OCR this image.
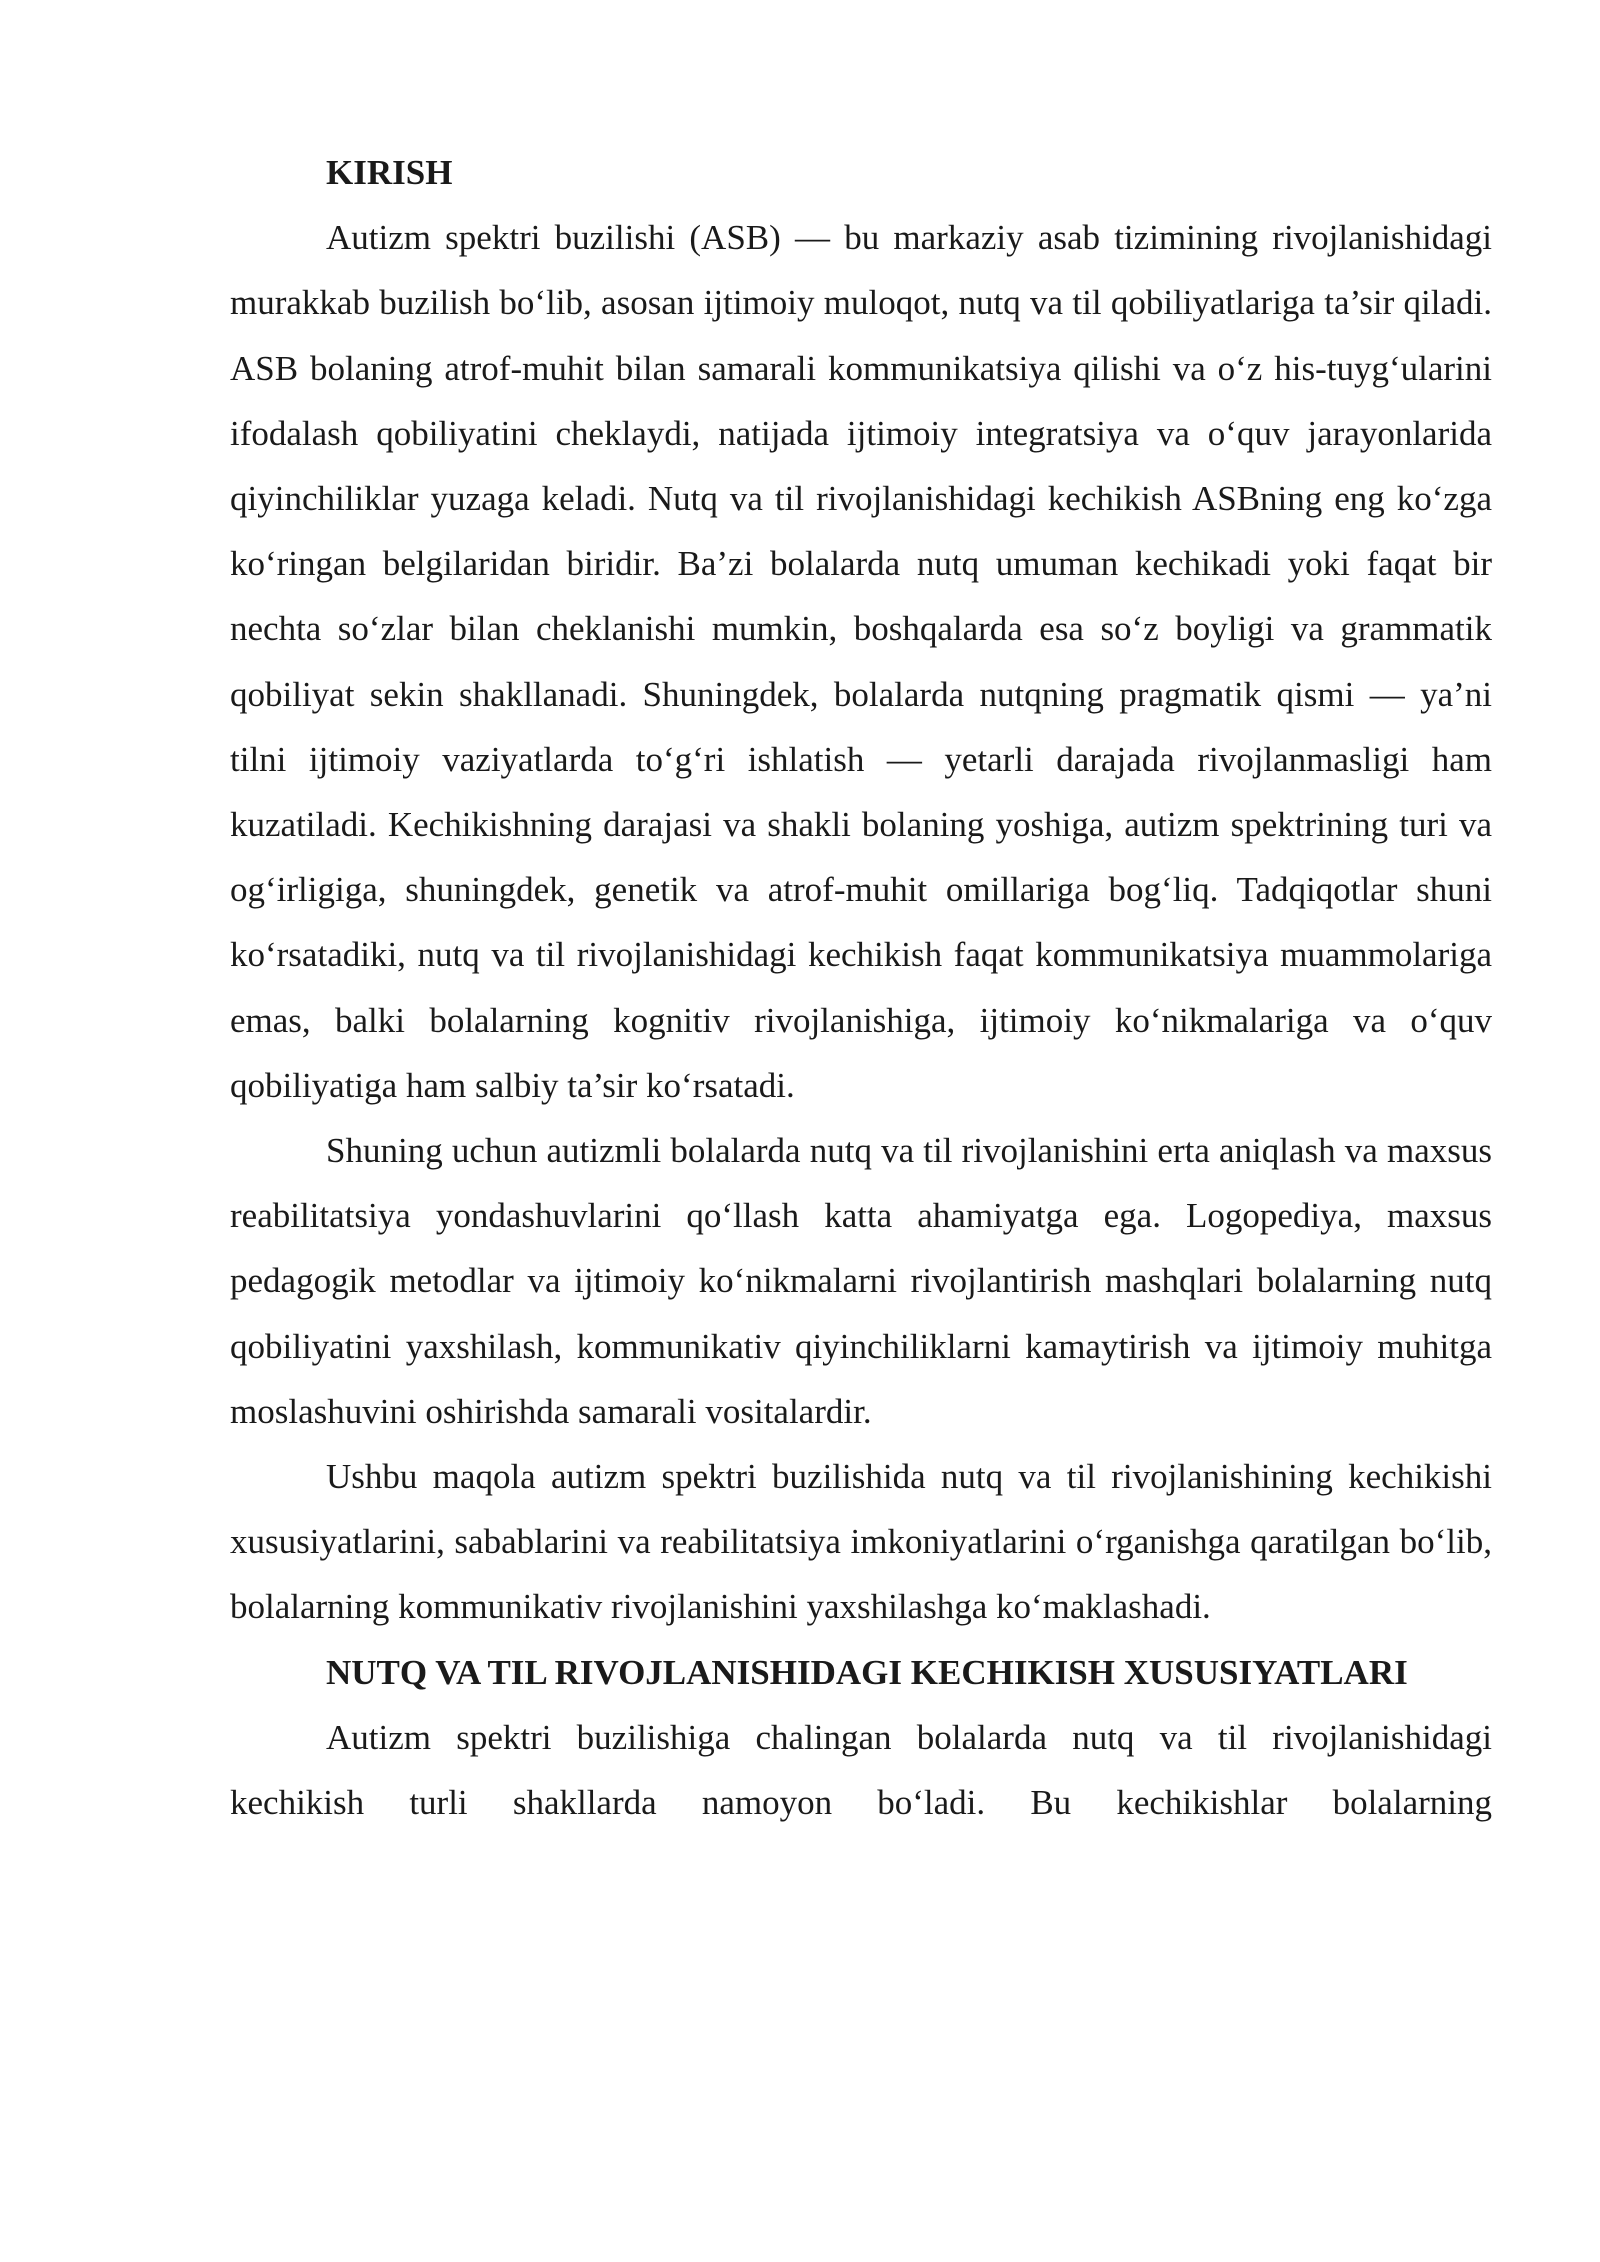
KIRISH

Autizm spektri buzilishi (ASB) — bu markaziy asab tizimining rivojlanishidagi murakkab buzilish bo‘lib, asosan ijtimoiy muloqot, nutq va til qobiliyatlariga ta’sir qiladi. ASB bolaning atrof-muhit bilan samarali kommunikatsiya qilishi va o‘z his-tuyg‘ularini ifodalash qobiliyatini cheklaydi, natijada ijtimoiy integratsiya va o‘quv jarayonlarida qiyinchiliklar yuzaga keladi. Nutq va til rivojlanishidagi kechikish ASBning eng ko‘zga ko‘ringan belgilaridan biridir. Ba’zi bolalarda nutq umuman kechikadi yoki faqat bir nechta so‘zlar bilan cheklanishi mumkin, boshqalarda esa so‘z boyligi va grammatik qobiliyat sekin shakllanadi. Shuningdek, bolalarda nutqning pragmatik qismi — ya’ni tilni ijtimoiy vaziyatlarda to‘g‘ri ishlatish — yetarli darajada rivojlanmasligi ham kuzatiladi. Kechikishning darajasi va shakli bolaning yoshiga, autizm spektrining turi va og‘irligiga, shuningdek, genetik va atrof-muhit omillariga bog‘liq. Tadqiqotlar shuni ko‘rsatadiki, nutq va til rivojlanishidagi kechikish faqat kommunikatsiya muammolariga emas, balki bolalarning kognitiv rivojlanishiga, ijtimoiy ko‘nikmalariga va o‘quv qobiliyatiga ham salbiy ta’sir ko‘rsatadi.

Shuning uchun autizmli bolalarda nutq va til rivojlanishini erta aniqlash va maxsus reabilitatsiya yondashuvlarini qo‘llash katta ahamiyatga ega. Logopediya, maxsus pedagogik metodlar va ijtimoiy ko‘nikmalarni rivojlantirish mashqlari bolalarning nutq qobiliyatini yaxshilash, kommunikativ qiyinchiliklarni kamaytirish va ijtimoiy muhitga moslashuvini oshirishda samarali vositalardir.

Ushbu maqola autizm spektri buzilishida nutq va til rivojlanishining kechikishi xususiyatlarini, sabablarini va reabilitatsiya imkoniyatlarini o‘rganishga qaratilgan bo‘lib, bolalarning kommunikativ rivojlanishini yaxshilashga ko‘maklashadi.

NUTQ VA TIL RIVOJLANISHIDAGI KECHIKISH XUSUSIYATLARI

Autizm spektri buzilishiga chalingan bolalarda nutq va til rivojlanishidagi kechikish turli shakllarda namoyon bo‘ladi. Bu kechikishlar bolalarning
